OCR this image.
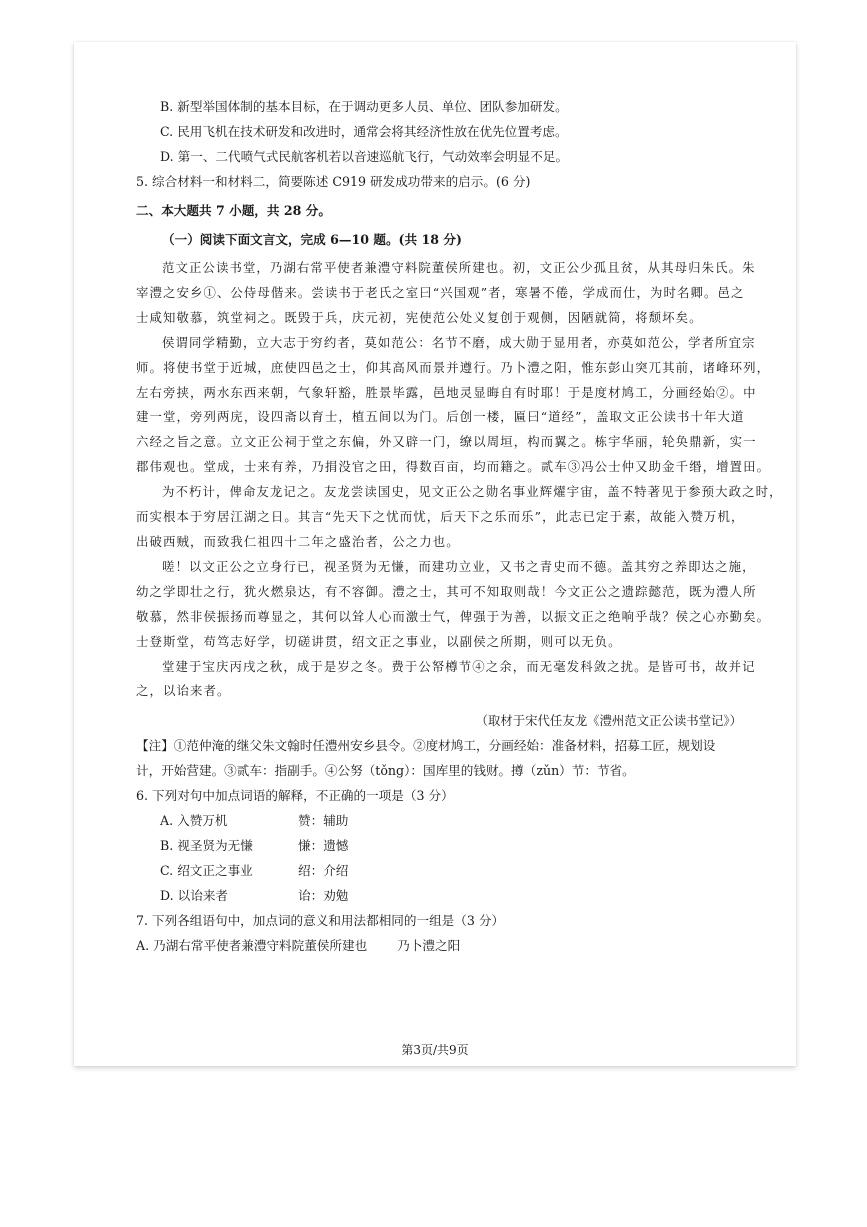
B. 新型举国体制的基本目标，在于调动更多人员、单位、团队参加研发。
C. 民用飞机在技术研发和改进时，通常会将其经济性放在优先位置考虑。
D. 第一、二代喷气式民航客机若以音速巡航飞行，气动效率会明显不足。
5. 综合材料一和材料二，简要陈述 C919 研发成功带来的启示。(6 分)
二、本大题共 7 小题，共 28 分。
（一）阅读下面文言文，完成 6—10 题。(共 18 分)
范文正公读书堂，乃湖右常平使者兼澧守料院董侯所建也。初，文正公少孤且贫，从其母归朱氏。朱
宰澧之安乡①、公侍母偕来。尝读书于老氏之室曰“兴国观”者，寒暑不倦，学成而仕，为时名卿。邑之
士咸知敬慕，筑堂祠之。既毁于兵，庆元初，宪使范公处义复创于观侧，因陋就简，将颓坏矣。
侯谓同学精勤，立大志于穷约者，莫如范公：名节不磨，成大勋于显用者，亦莫如范公，学者所宜宗
师。将使书堂于近城，庶使四邑之士，仰其高风而景并遵行。乃卜澧之阳，惟东彭山突兀其前，诸峰环列，
左右旁挟，两水东西来朝，气象轩豁，胜景毕露，邑地灵显晦自有时耶！于是度材鸠工，分画经始②。中
建一堂，旁列两庑，设四斋以育士，植五间以为门。后创一楼，匾曰“道经”，盖取文正公读书十年大道
六经之旨之意。立文正公祠于堂之东偏，外又辟一门，缭以周垣，构而翼之。栋宇华丽，轮奂鼎新，实一
郡伟观也。堂成，士来有养，乃捐没官之田，得数百亩，均而籍之。贰车③冯公士仲又助金千缗，增置田。
为不朽计，俾命友龙记之。友龙尝读国史，见文正公之勋名事业辉燿宇宙，盖不特著见于参预大政之时，
而实根本于穷居江湖之日。其言“先天下之忧而忧，后天下之乐而乐”，此志已定于素，故能入赞万机，
出破西贼，而致我仁祖四十二年之盛治者，公之力也。
嗟！以文正公之立身行已，视圣贤为无慊，而建功立业，又书之青史而不德。盖其穷之养即达之施，
幼之学即壮之行，犹火燃泉达，有不容御。澧之士，其可不知取则哉！今文正公之遗踪懿范，既为澧人所
敬慕，然非侯振扬而尊显之，其何以耸人心而激士气，俾强于为善，以振文正之绝响乎哉？侯之心亦勤矣。
士登斯堂，苟笃志好学，切磋讲贯，绍文正之事业，以副侯之所期，则可以无负。
堂建于宝庆丙戌之秋，成于是岁之冬。费于公帑樽节④之余，而无毫发科敛之扰。是皆可书，故并记
之，以诒来者。
（取材于宋代任友龙《澧州范文正公读书堂记》）
【注】①范仲淹的继父朱文翰时任澧州安乡县令。②度材鸠工，分画经始：准备材料，招募工匠，规划设
计，开始营建。③贰车：指副手。④公努（tǒng）：国库里的钱财。撙（zǔn）节：节省。
6. 下列对句中加点词语的解释，不正确的一项是（3 分）
A. 入赞万机	赞：辅助
B. 视圣贤为无慊	慊：遗憾
C. 绍文正之事业	绍：介绍
D. 以诒来者	诒：劝勉
7. 下列各组语句中，加点词的意义和用法都相同的一组是（3 分）
A. 乃湖右常平使者兼澧守料院董侯所建也 乃卜澧之阳
第3页/共9页
